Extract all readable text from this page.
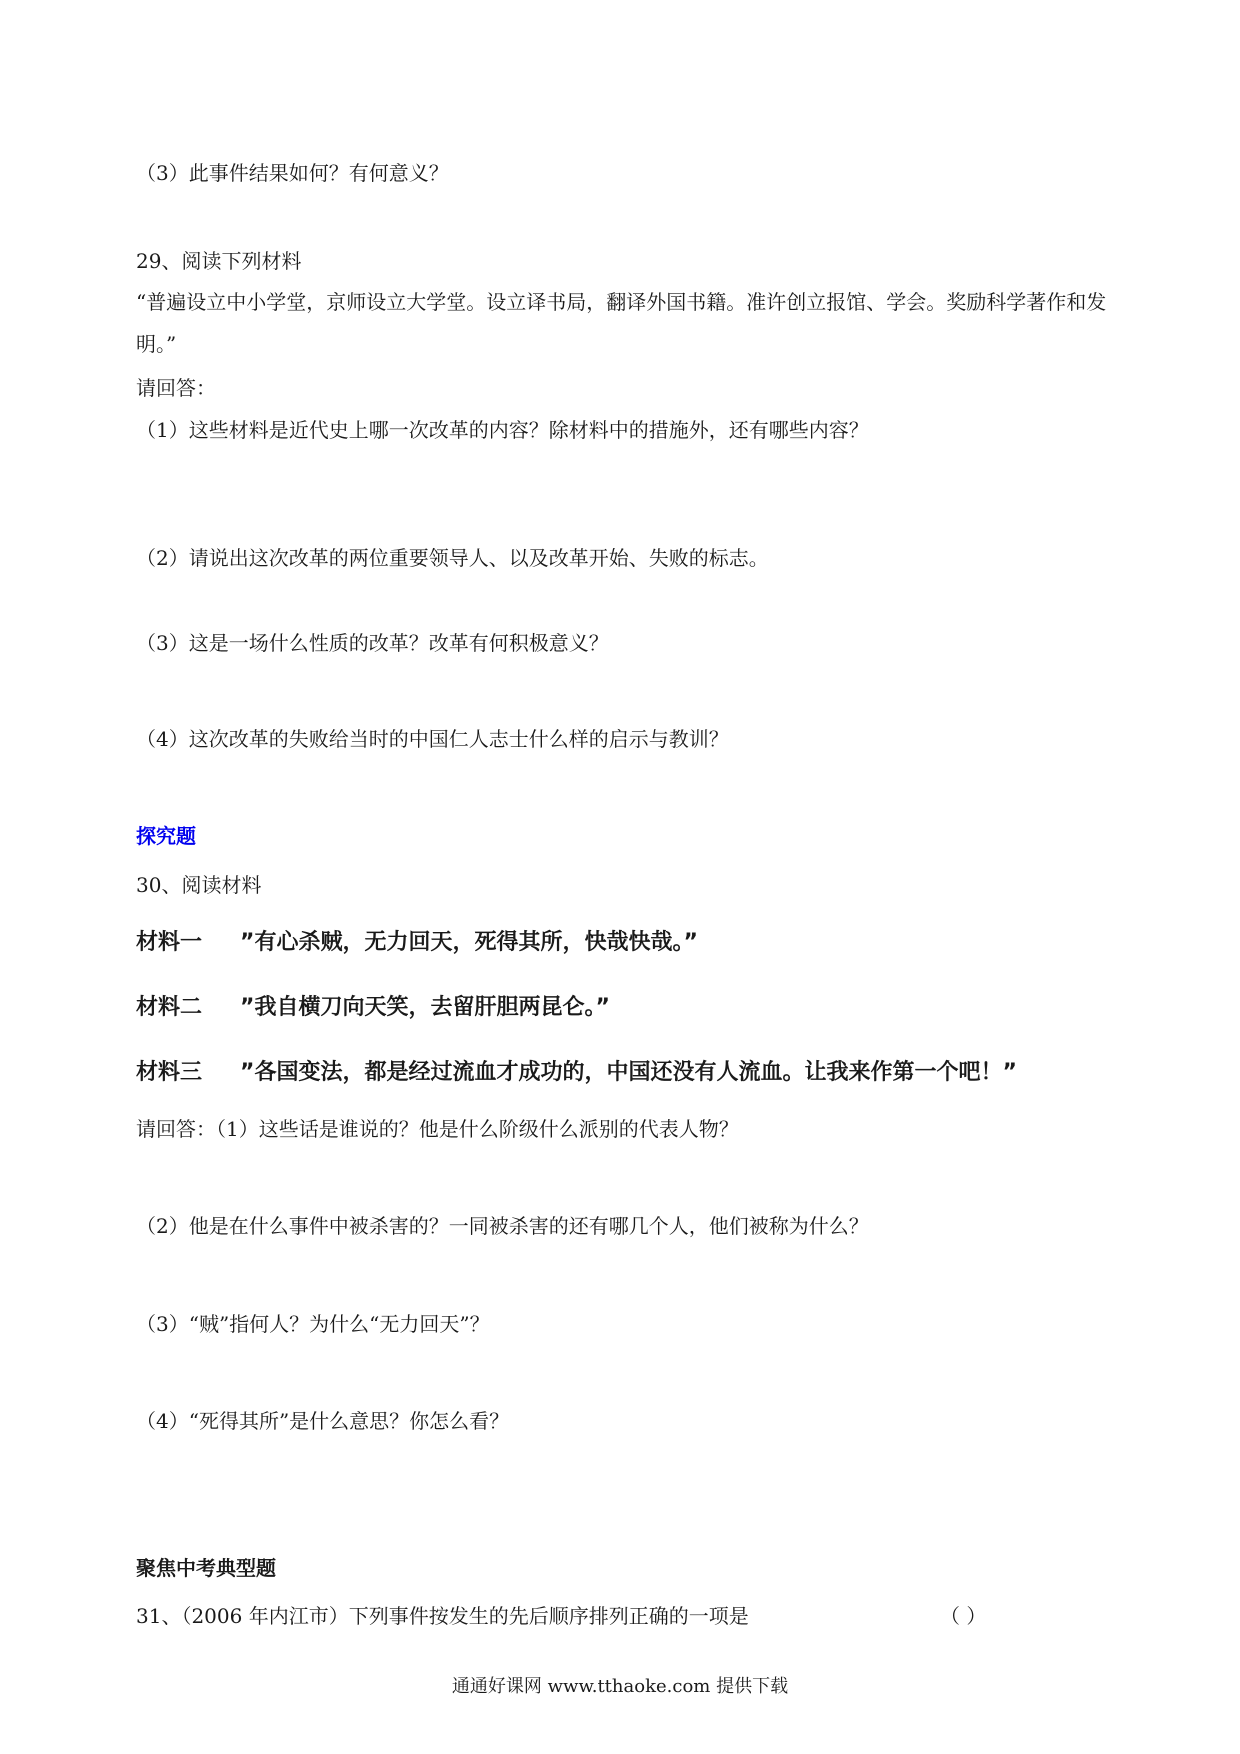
（3）此事件结果如何？有何意义？
29、阅读下列材料
“普遍设立中小学堂，京师设立大学堂。设立译书局，翻译外国书籍。准许创立报馆、学会。奖励科学著作和发明。”
请回答：
（1）这些材料是近代史上哪一次改革的内容？除材料中的措施外，还有哪些内容？
（2）请说出这次改革的两位重要领导人、以及改革开始、失败的标志。
（3）这是一场什么性质的改革？改革有何积极意义？
（4）这次改革的失败给当时的中国仁人志士什么样的启示与教训？
探究题
30、阅读材料
材料一 ”有心杀贼，无力回天，死得其所，快哉快哉。”
材料二 ”我自横刀向天笑，去留肝胆两昆仑。”
材料三 ”各国变法，都是经过流血才成功的，中国还没有人流血。让我来作第一个吧！”
请回答：（1）这些话是谁说的？他是什么阶级什么派别的代表人物？
（2）他是在什么事件中被杀害的？一同被杀害的还有哪几个人，他们被称为什么？
（3）“贼”指何人？为什么“无力回天”？
（4）“死得其所”是什么意思？你怎么看？
聚焦中考典型题
31、（2006 年内江市）下列事件按发生的先后顺序排列正确的一项是	（ ）
通通好课网 www.tthaoke.com 提供下载
